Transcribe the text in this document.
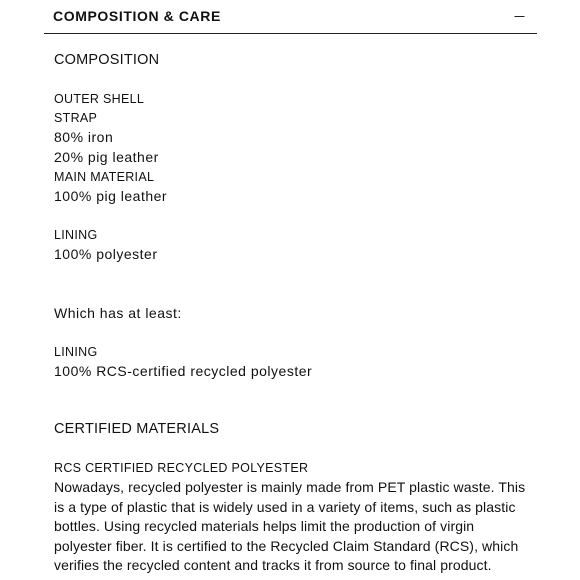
COMPOSITION & CARE
COMPOSITION
OUTER SHELL
STRAP
80% iron
20% pig leather
MAIN MATERIAL
100% pig leather
LINING
100% polyester
Which has at least:
LINING
100% RCS-certified recycled polyester
CERTIFIED MATERIALS
RCS CERTIFIED RECYCLED POLYESTER
Nowadays, recycled polyester is mainly made from PET plastic waste. This is a type of plastic that is widely used in a variety of items, such as plastic bottles. Using recycled materials helps limit the production of virgin polyester fiber. It is certified to the Recycled Claim Standard (RCS), which verifies the recycled content and tracks it from source to final product.
